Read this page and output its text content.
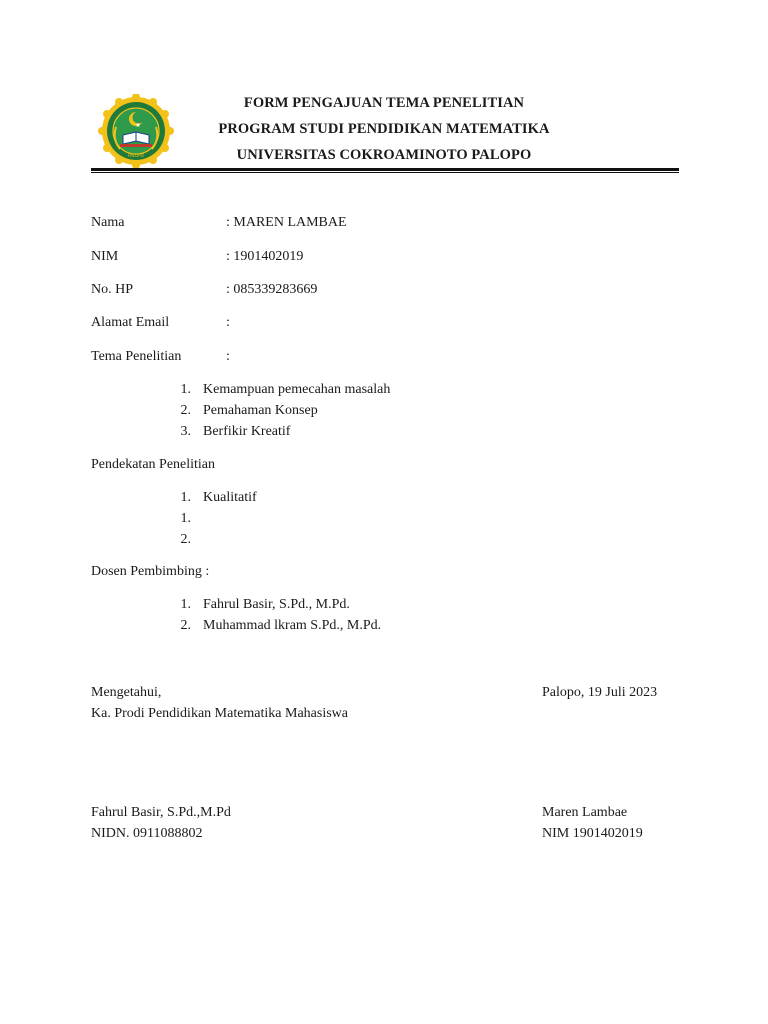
PALOPO
FORM PENGAJUAN TEMA PENELITIAN
PROGRAM STUDI PENDIDIKAN MATEMATIKA
UNIVERSITAS COKROAMINOTO PALOPO
Nama	: MAREN LAMBAE
NIM	: 1901402019
No. HP	: 085339283669
Alamat Email	:
Tema Penelitian	:
1. Kemampuan pemecahan masalah
2. Pemahaman Konsep
3. Berfikir Kreatif
Pendekatan Penelitian
1. Kualitatif
1.
2.
Dosen Pembimbing :
1. Fahrul Basir, S.Pd., M.Pd.
2. Muhammad lkram S.Pd., M.Pd.
Mengetahui,	Palopo, 19 Juli 2023
Ka. Prodi Pendidikan Matematika Mahasiswa
Fahrul Basir, S.Pd.,M.Pd
NIDN. 0911088802
Maren Lambae
NIM 1901402019
